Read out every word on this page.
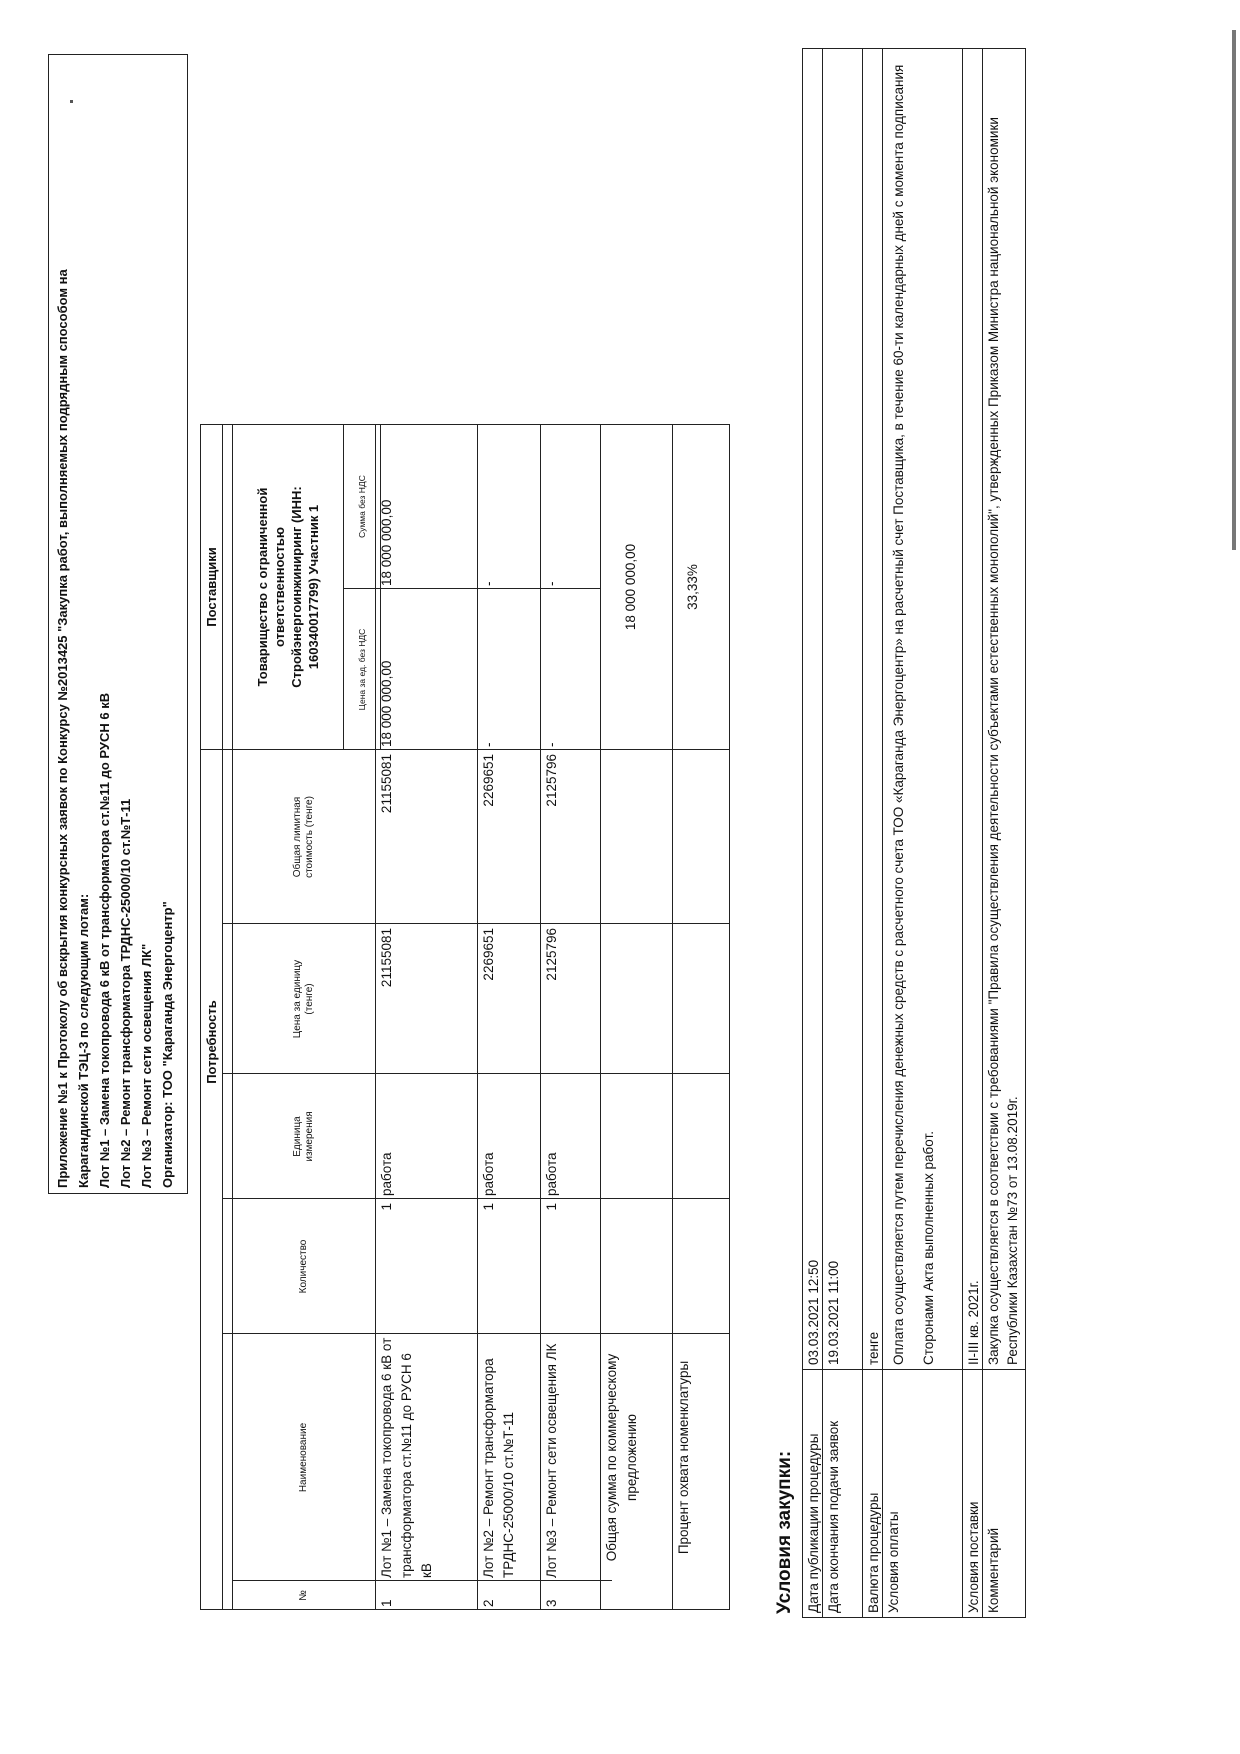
Приложение №1 к Протоколу об вскрытия конкурсных заявок по Конкурсу №2013425 "Закупка работ, выполняемых подрядным способом на Карагандинской ТЭЦ-3 по следующим лотам: Лот №1 – Замена токопровода 6 кВ от трансформатора ст.№11 до РУСН 6 кВ Лот №2 – Ремонт трансформатора ТРДНС-25000/10 ст.№Т-11 Лот №3 – Ремонт сети освещения ЛК" Организатор: ТОО "Караганда Энергоцентр" Потребность
Поставщики
№
Наименование
Количество
Единица измерения
Цена за единицу (тенге)
Общая лимитная стоимость (тенге)
Товарищество с ограниченной ответственностью Стройэнергоинжиниринг (ИНН: 160340017799) Участник 1
Цена за ед. без НДС
Сумма без НДС
1
Лот №1 – Замена токопровода 6 кВ от трансформатора ст.№11 до РУСН 6 кВ
1
работа
21155081
21155081
18 000 000,00
18 000 000,00
2
Лот №2 – Ремонт трансформатора ТРДНС-25000/10 ст.№Т-11
1
работа
2269651
2269651
-
-
3
Лот №3 – Ремонт сети освещения ЛК
1
работа
2125796
2125796
-
-
Общая сумма по коммерческому предложению
18 000 000,00
Процент охвата номенклатуры
33,33%
Условия закупки: Дата публикации процедуры
03.03.2021 12:50
Дата окончания подачи заявок
19.03.2021 11:00
Валюта процедуры
тенге
Условия оплаты
Оплата осуществляется путем перечисления денежных средств с расчетного счета ТОО «Караганда Энергоцентр» на расчетный счет Поставщика, в течение 60-ти календарных дней с момента подписания Сторонами Акта выполненных работ.
Условия поставки
II-III кв. 2021г.
Комментарий
Закупка осуществляется в соответствии с требованиями "Правила осуществления деятельности субъектами естественных монополий", утвержденных Приказом Министра национальной экономики Республики Казахстан №73 от 13.08.2019г.
